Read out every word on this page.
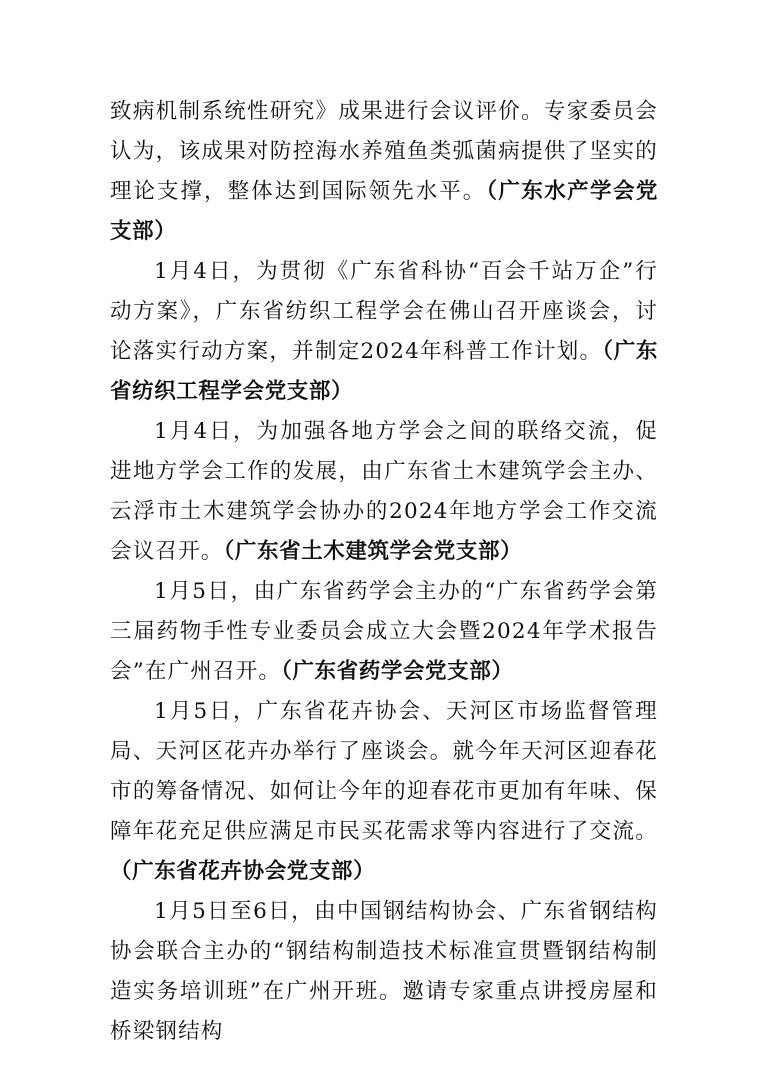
致病机制系统性研究》成果进行会议评价。专家委员会认为，该成果对防控海水养殖鱼类弧菌病提供了坚实的理论支撑，整体达到国际领先水平。（广东水产学会党支部）

1月4日，为贯彻《广东省科协“百会千站万企”行动方案》，广东省纺织工程学会在佛山召开座谈会，讨论落实行动方案，并制定2024年科普工作计划。（广东省纺织工程学会党支部）

1月4日，为加强各地方学会之间的联络交流，促进地方学会工作的发展，由广东省土木建筑学会主办、云浮市土木建筑学会协办的2024年地方学会工作交流会议召开。（广东省土木建筑学会党支部）

1月5日，由广东省药学会主办的“广东省药学会第三届药物手性专业委员会成立大会暨2024年学术报告会”在广州召开。（广东省药学会党支部）

1月5日，广东省花卉协会、天河区市场监督管理局、天河区花卉办举行了座谈会。就今年天河区迎春花市的筹备情况、如何让今年的迎春花市更加有年味、保障年花充足供应满足市民买花需求等内容进行了交流。（广东省花卉协会党支部）

1月5日至6日，由中国钢结构协会、广东省钢结构协会联合主办的“钢结构制造技术标准宣贯暨钢结构制造实务培训班”在广州开班。邀请专家重点讲授房屋和桥梁钢结构
